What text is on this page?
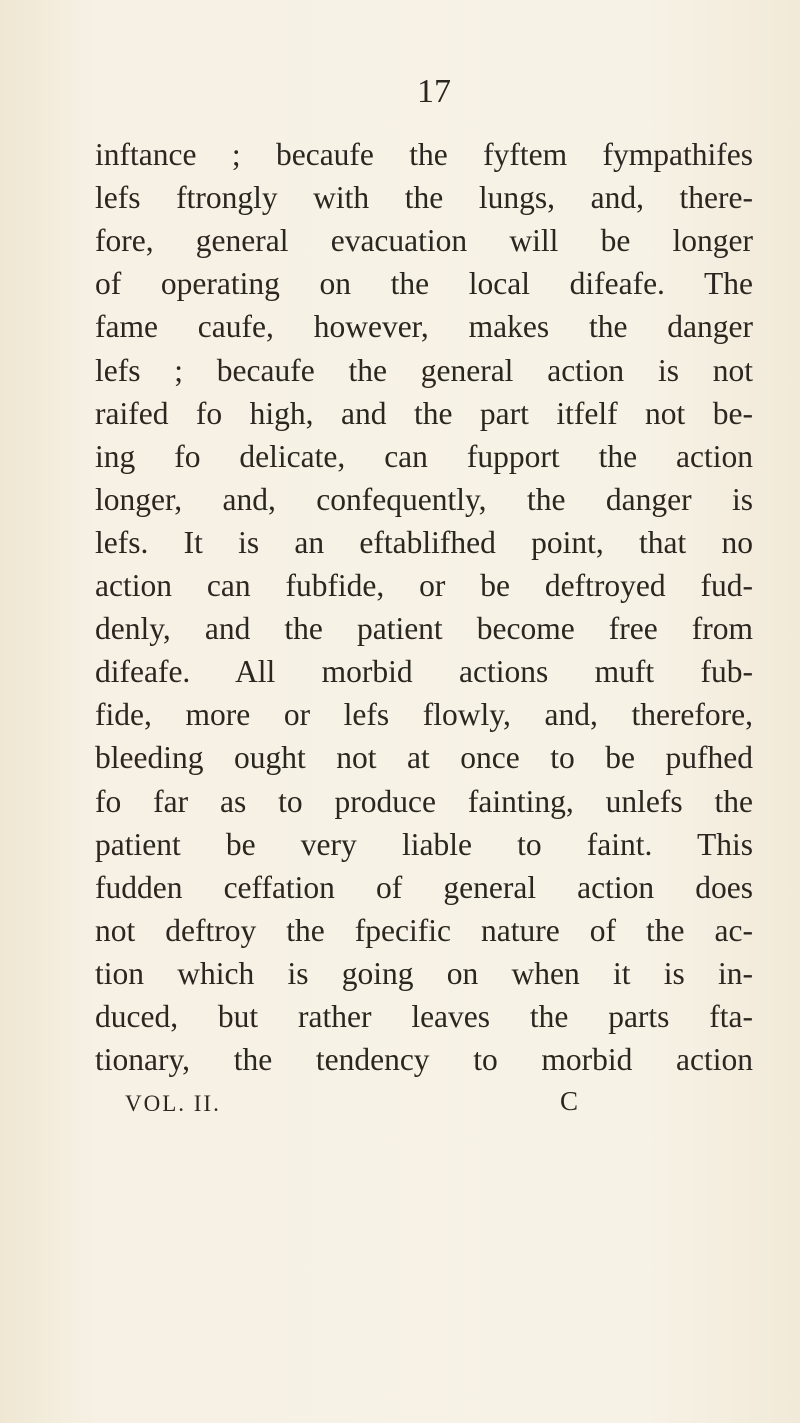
17
inftance ; becaufe the fyftem fympathifes
lefs ftrongly with the lungs, and, there-
fore, general evacuation will be longer
of operating on the local difeafe. The
fame caufe, however, makes the danger
lefs ; becaufe the general action is not
raifed fo high, and the part itfelf not be-
ing fo delicate, can fupport the action
longer, and, confequently, the danger is
lefs. It is an eftablifhed point, that no
action can fubfide, or be deftroyed fud-
denly, and the patient become free from
difeafe. All morbid actions muft fub-
fide, more or lefs flowly, and, therefore,
bleeding ought not at once to be pufhed
fo far as to produce fainting, unlefs the
patient be very liable to faint. This
fudden ceffation of general action does
not deftroy the fpecific nature of the ac-
tion which is going on when it is in-
duced, but rather leaves the parts fta-
tionary, the tendency to morbid action
VOL. II.	C
